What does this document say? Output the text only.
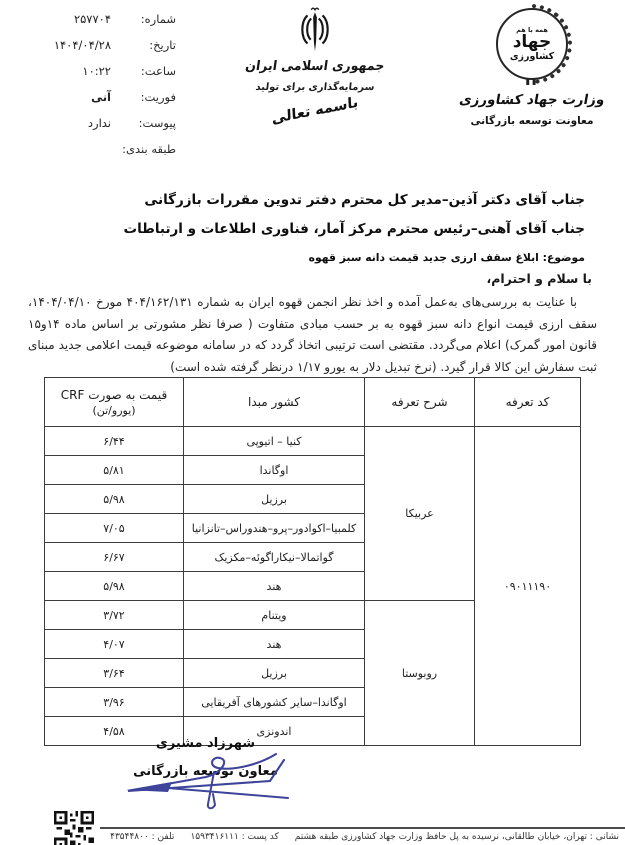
شماره:
۲۵۷۷۰۴
تاریخ:
۱۴۰۴/۰۴/۲۸
ساعت:
۱۰:۲۲
فوریت:
آنی
پیوست:
ندارد
طبقه بندی:
جمهوری اسلامی ایران
سرمایه‌گذاری برای تولید
باسمه تعالی
همه با هم
جهاد
کشاورزی
وزارت جهاد کشاورزی
معاونت توسعه بازرگانی
جناب آقای دکتر آذین–مدیر کل محترم دفتر تدوین مقررات بازرگانی
جناب آقای آهنی–رئیس محترم مرکز آمار، فناوری اطلاعات و ارتباطات
موضوع: ابلاغ سقف ارزی جدید قیمت دانه سبز قهوه
با سلام و احترام،
با عنایت به بررسی‌های به‌عمل آمده و اخذ نظر انجمن قهوه ایران به شماره ۴۰۴/۱۶۲/۱۳۱ مورخ ۱۴۰۴/۰۴/۱۰، سقف ارزی قیمت انواع دانه سبز قهوه به بر حسب مبادی متفاوت ( صرفا نظر مشورتی بر اساس ماده ۱۴و۱۵ قانون امور گمرک) اعلام می‌گردد. مقتضی است ترتیبی اتخاذ گردد که در سامانه موضوعه قیمت اعلامی جدید مبنای ثبت سفارش این کالا قرار گیرد. (نرخ تبدیل دلار به یورو ۱/۱۷ درنظر گرفته شده است)
کد تعرفه	شرح تعرفه	کشور مبدا	قیمت به صورت CRF
(یورو/تن)

۰۹۰۱۱۱۹۰	عربیکا	کنیا – اتیوپی	۶/۴۴
		اوگاندا	۵/۸۱
		برزیل	۵/۹۸
		کلمبیا–اکوادور–پرو–هندوراس–تانزانیا	۷/۰۵
		گواتمالا–نیکاراگوئه–مکزیک	۶/۶۷
		هند	۵/۹۸
	روبوستا	ویتنام	۳/۷۲
		هند	۴/۰۷
		برزیل	۳/۶۴
		اوگاندا–سایر کشورهای آفریقایی	۳/۹۶
		اندونزی	۴/۵۸
شهرزاد مشیری
معاون توسعه بازرگانی
نشانی : تهران، خیابان طالقانی، نرسیده به پل حافظ وزارت جهاد کشاورزی طبقه هشتم
کد پست : ۱۵۹۳۴۱۶۱۱۱
تلفن : ۴۳۵۴۴۸۰۰
